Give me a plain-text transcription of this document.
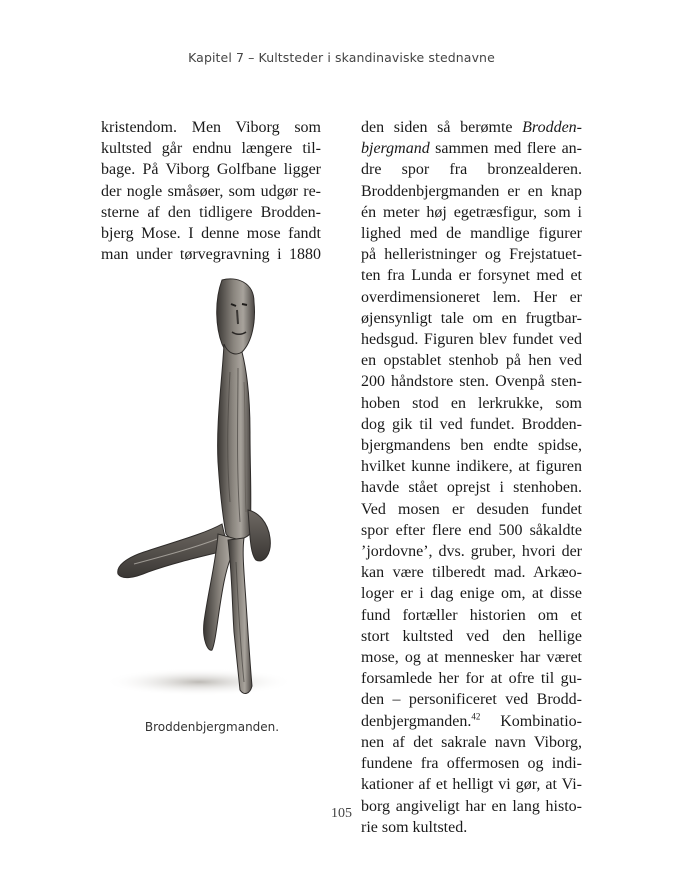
Kapitel 7 – Kultsteder i skandinaviske stednavne
kristendom. Men Viborg som
kultsted går endnu længere til-
bage. På Viborg Golfbane ligger
der nogle småsøer, som udgør re-
sterne af den tidligere Brodden-
bjerg Mose. I denne mose fandt
man under tørvegravning i 1880
Broddenbjergmanden.
den siden så berømte Brodden-
bjergmand sammen med flere an-
dre spor fra bronzealderen.
Broddenbjergmanden er en knap
én meter høj egetræsfigur, som i
lighed med de mandlige figurer
på helleristninger og Frejstatuet-
ten fra Lunda er forsynet med et
overdimensioneret lem. Her er
øjensynligt tale om en frugtbar-
hedsgud. Figuren blev fundet ved
en opstablet stenhob på hen ved
200 håndstore sten. Ovenpå sten-
hoben stod en lerkrukke, som
dog gik til ved fundet. Brodden-
bjergmandens ben endte spidse,
hvilket kunne indikere, at figuren
havde stået oprejst i stenhoben.
Ved mosen er desuden fundet
spor efter flere end 500 såkaldte
’jordovne’, dvs. gruber, hvori der
kan være tilberedt mad. Arkæo-
loger er i dag enige om, at disse
fund fortæller historien om et
stort kultsted ved den hellige
mose, og at mennesker har været
forsamlede her for at ofre til gu-
den – personificeret ved Brodd-
denbjergmanden.$^{42}$ Kombinatio-
nen af det sakrale navn Viborg,
fundene fra offermosen og indi-
kationer af et helligt vi gør, at Vi-
borg angiveligt har en lang histo-
rie som kultsted.
105
